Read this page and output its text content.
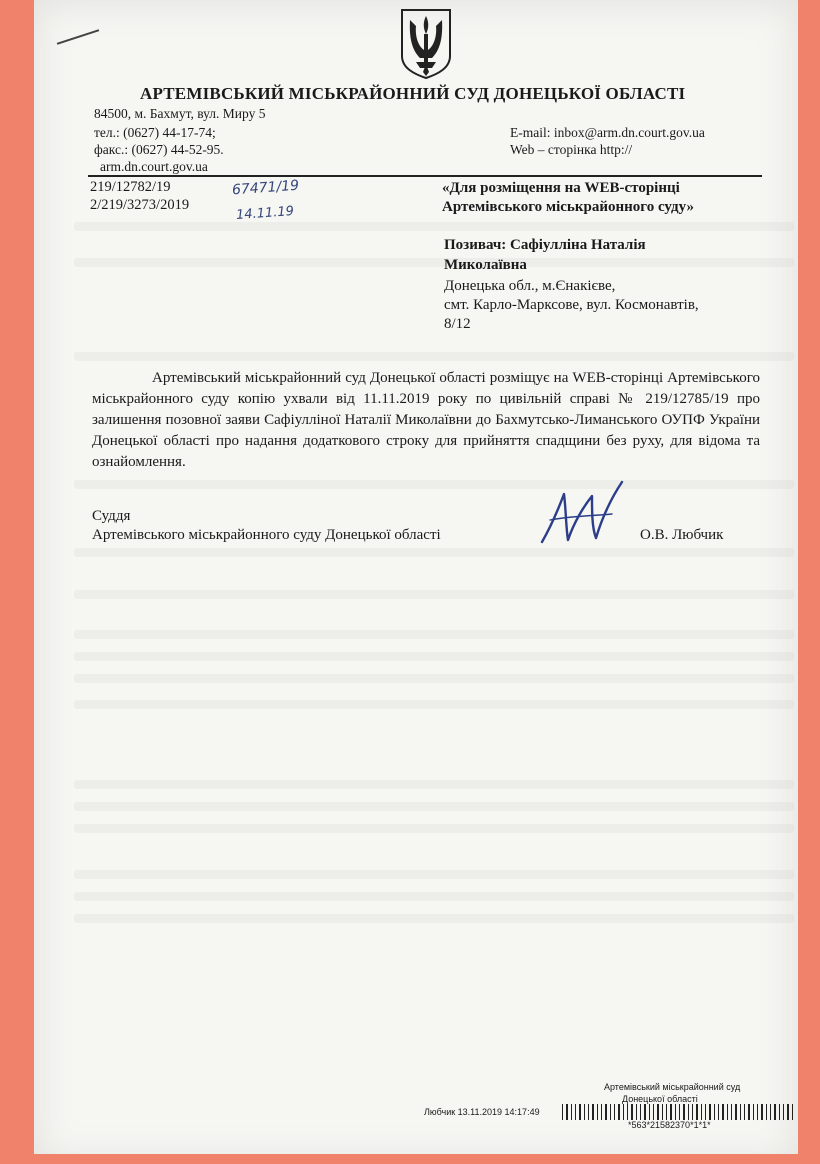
АРТЕМІВСЬКИЙ МІСЬКРАЙОННИЙ СУД ДОНЕЦЬКОЇ ОБЛАСТІ
84500, м. Бахмут, вул. Миру 5
тел.: (0627) 44-17-74;
факс.: (0627) 44-52-95.
arm.dn.court.gov.ua
E-mail: inbox@arm.dn.court.gov.ua
Web – сторінка http://
219/12782/19
2/219/3273/2019
67471/19
14.11.19
«Для розміщення на WEB-сторінці
Артемівського міськрайонного суду»
Позивач: Сафіулліна Наталія
Миколаївна
Донецька обл., м.Єнакієве,
смт. Карло-Марксове, вул. Космонавтів,
8/12
Артемівський міськрайонний суд Донецької області розміщує на WEB-сторінці Артемівського міськрайонного суду копію ухвали від 11.11.2019 року по цивільній справі № 219/12785/19 про залишення позовної заяви Сафіулліної Наталії Миколаївни до Бахмутсько-Лиманського ОУПФ України Донецької області про надання додаткового строку для прийняття спадщини без руху, для відома та ознайомлення.
Суддя
Артемівського міськрайонного суду Донецької області	О.В. Любчик
Артемівський міськрайонний суд
Донецької області
Любчик 13.11.2019 14:17:49
*563*21582370*1*1*
